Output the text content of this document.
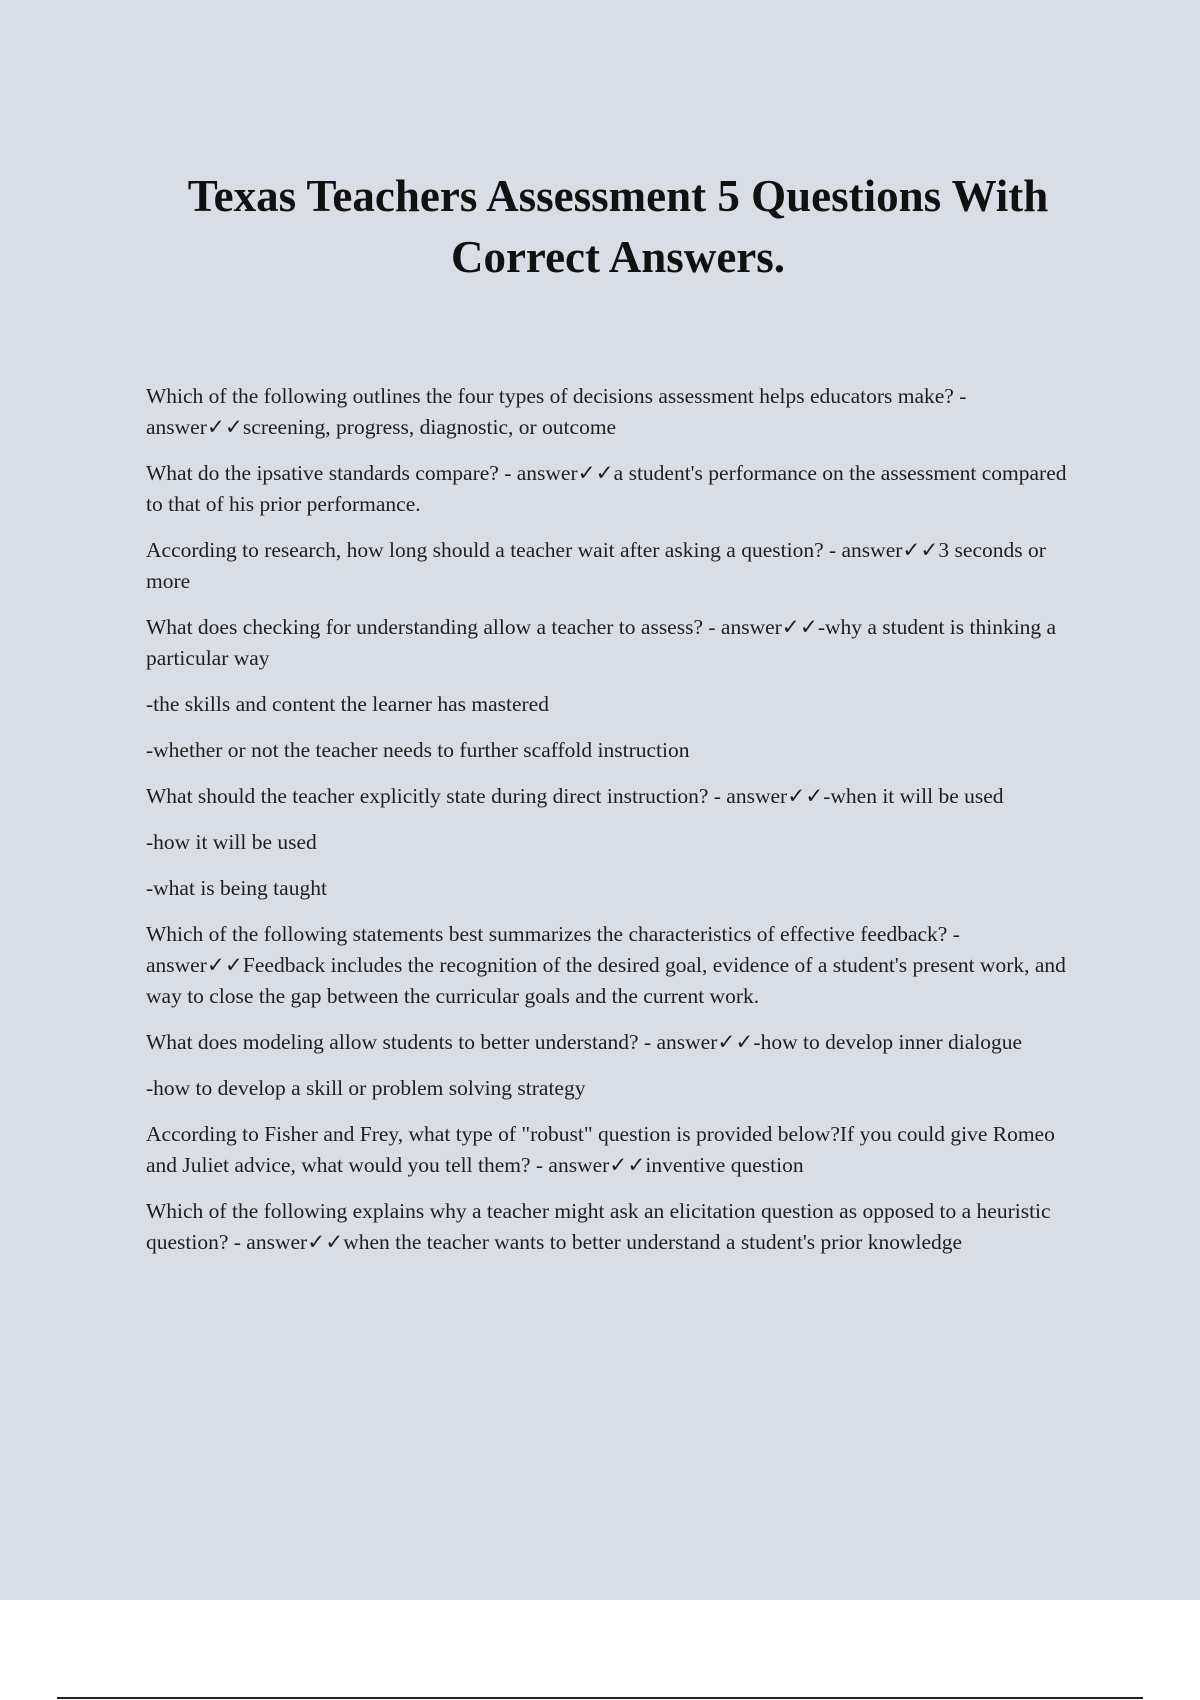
Texas Teachers Assessment 5 Questions With Correct Answers.

Which of the following outlines the four types of decisions assessment helps educators make? - answer✓✓screening, progress, diagnostic, or outcome

What do the ipsative standards compare? - answer✓✓a student's performance on the assessment compared to that of his prior performance.

According to research, how long should a teacher wait after asking a question? - answer✓✓3 seconds or more

What does checking for understanding allow a teacher to assess? - answer✓✓-why a student is thinking a particular way

-the skills and content the learner has mastered

-whether or not the teacher needs to further scaffold instruction

What should the teacher explicitly state during direct instruction? - answer✓✓-when it will be used

-how it will be used

-what is being taught

Which of the following statements best summarizes the characteristics of effective feedback? - answer✓✓Feedback includes the recognition of the desired goal, evidence of a student's present work, and way to close the gap between the curricular goals and the current work.

What does modeling allow students to better understand? - answer✓✓-how to develop inner dialogue

-how to develop a skill or problem solving strategy

According to Fisher and Frey, what type of "robust" question is provided below?If you could give Romeo and Juliet advice, what would you tell them? - answer✓✓inventive question

Which of the following explains why a teacher might ask an elicitation question as opposed to a heuristic question? - answer✓✓when the teacher wants to better understand a student's prior knowledge
